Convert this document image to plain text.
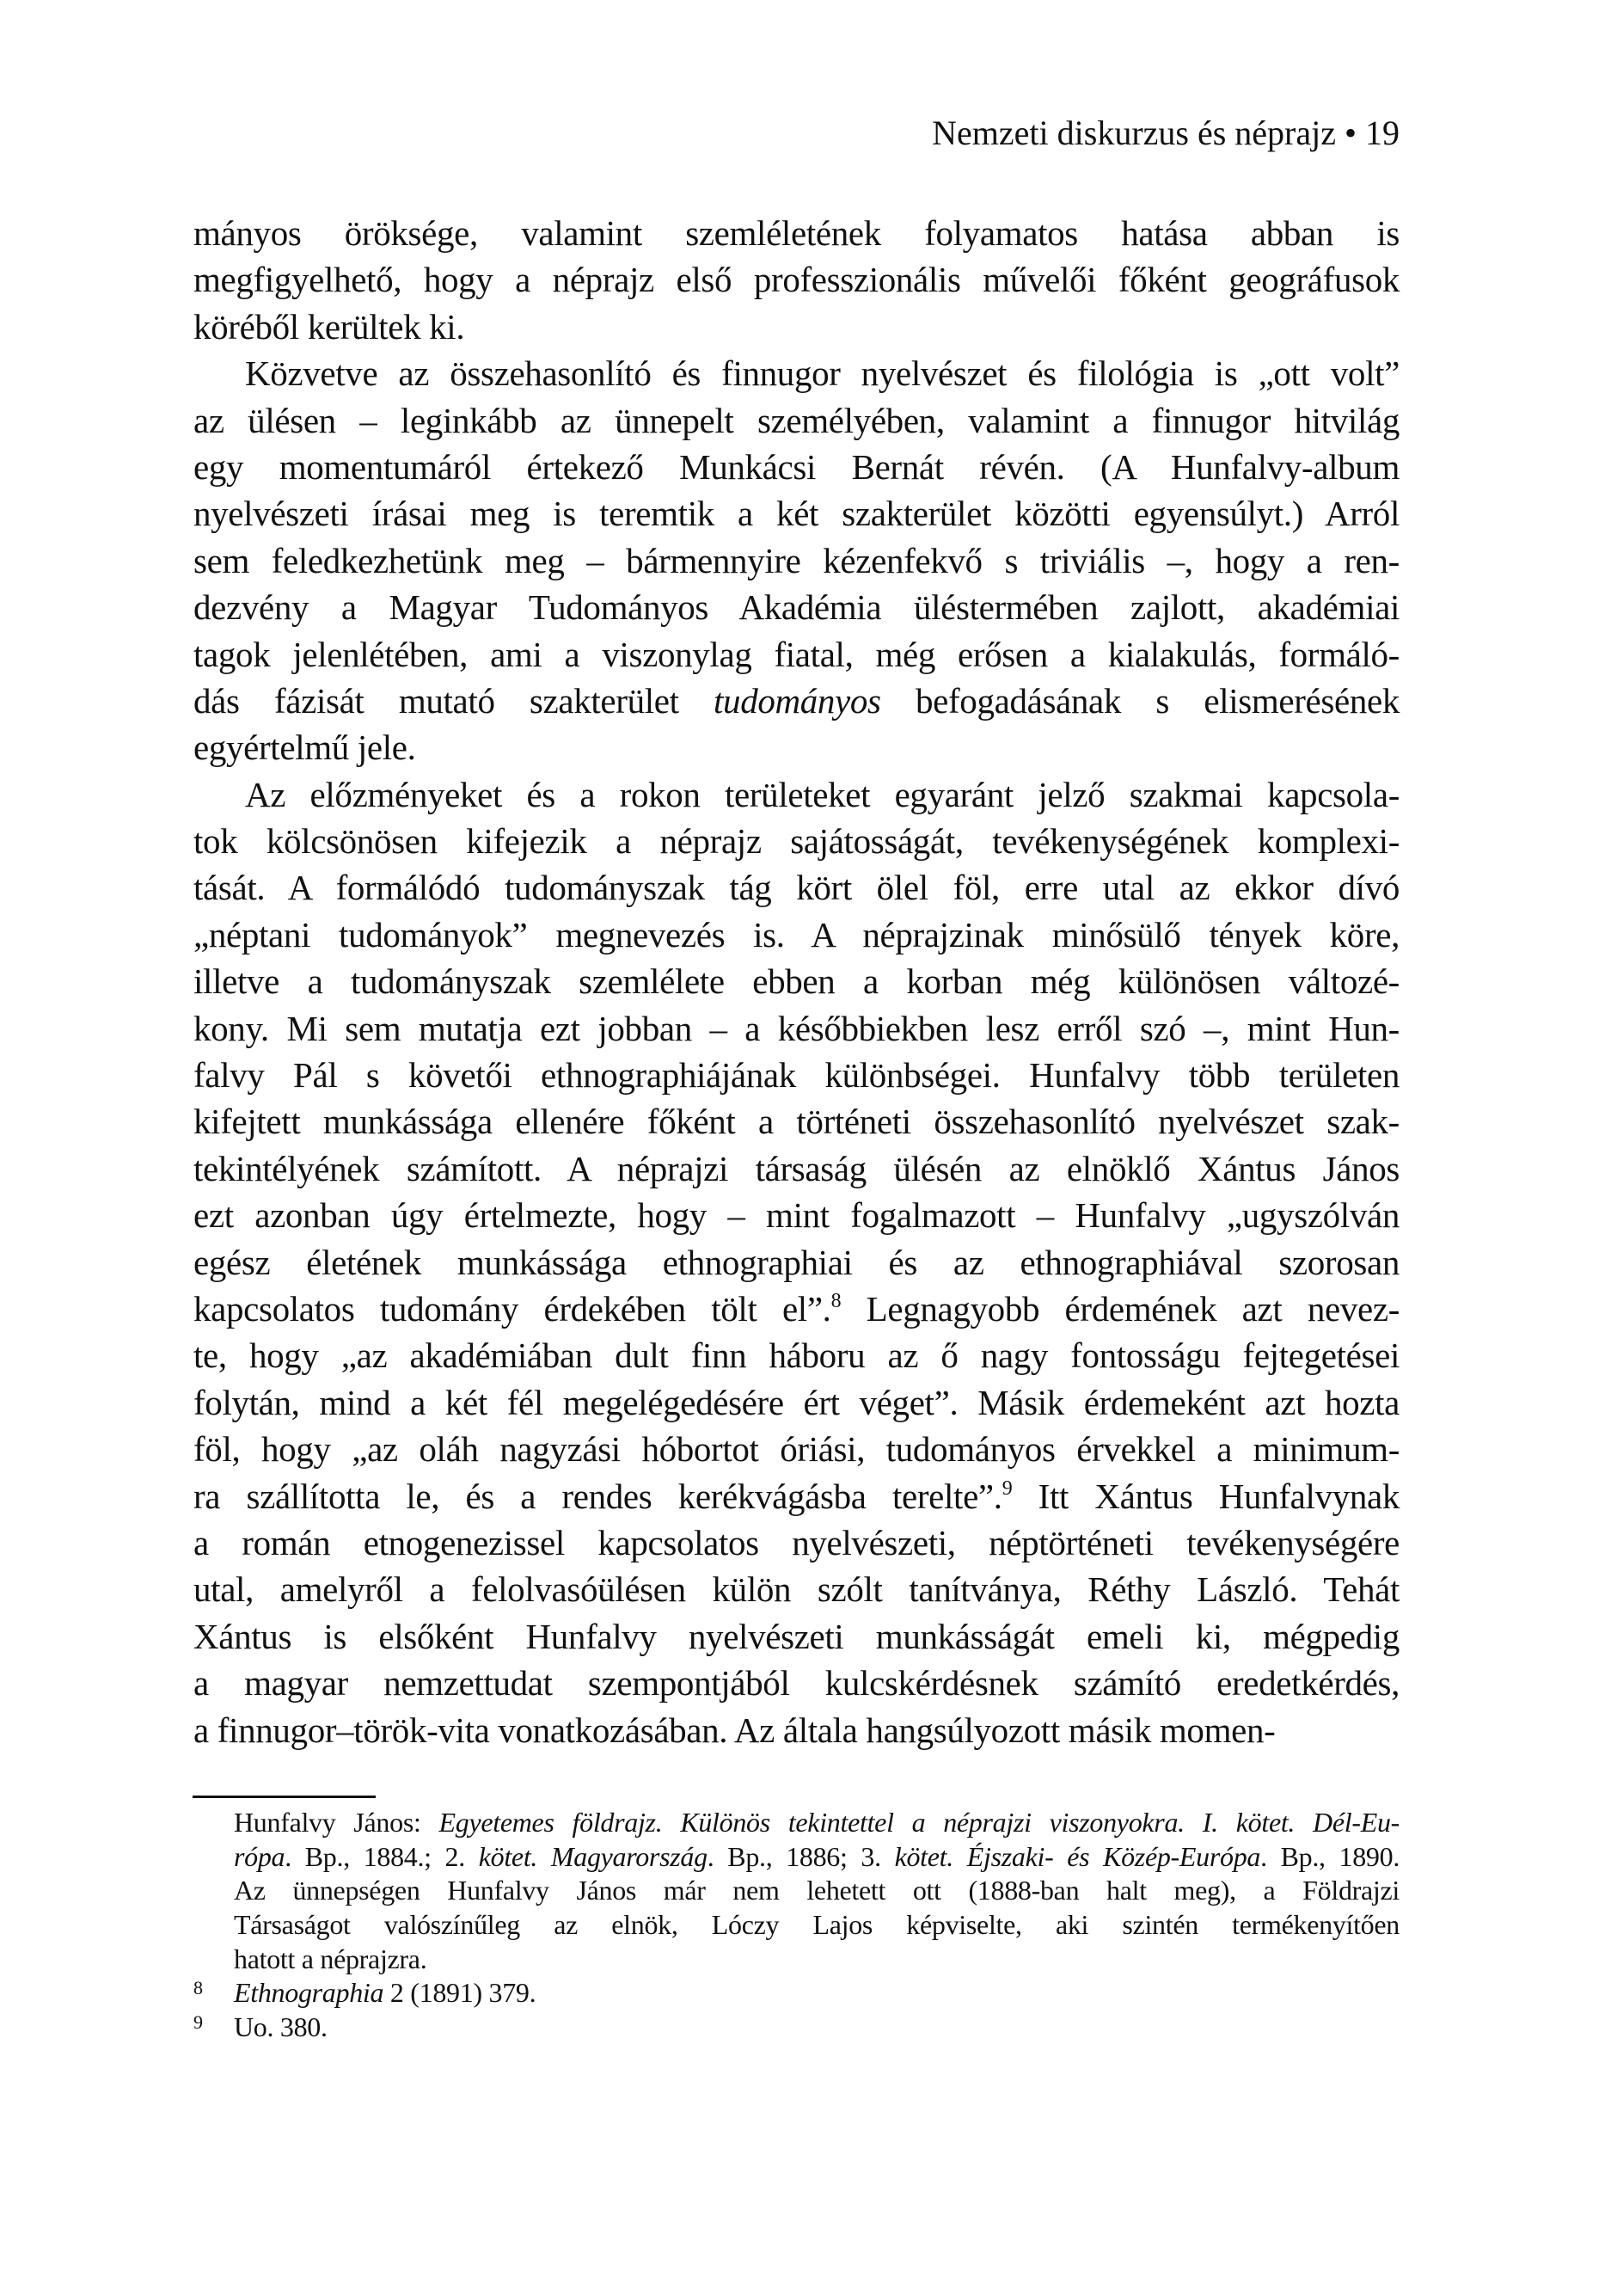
Nemzeti diskurzus és néprajz • 19
mányos öröksége, valamint szemléletének folyamatos hatása abban is
megfigyelhető, hogy a néprajz első professzionális művelői főként geográfusok
köréből kerültek ki.
Közvetve az összehasonlító és finnugor nyelvészet és filológia is „ott volt”
az ülésen – leginkább az ünnepelt személyében, valamint a finnugor hitvilág
egy momentumáról értekező Munkácsi Bernát révén. (A Hunfalvy-album
nyelvészeti írásai meg is teremtik a két szakterület közötti egyensúlyt.) Arról
sem feledkezhetünk meg – bármennyire kézenfekvő s triviális –, hogy a ren-
dezvény a Magyar Tudományos Akadémia üléstermében zajlott, akadémiai
tagok jelenlétében, ami a viszonylag fiatal, még erősen a kialakulás, formáló-
dás fázisát mutató szakterület tudományos befogadásának s elismerésének
egyértelmű jele.
Az előzményeket és a rokon területeket egyaránt jelző szakmai kapcsola-
tok kölcsönösen kifejezik a néprajz sajátosságát, tevékenységének komplexi-
tását. A formálódó tudományszak tág kört ölel föl, erre utal az ekkor dívó
„néptani tudományok” megnevezés is. A néprajzinak minősülő tények köre,
illetve a tudományszak szemlélete ebben a korban még különösen változé-
kony. Mi sem mutatja ezt jobban – a későbbiekben lesz erről szó –, mint Hun-
falvy Pál s követői ethnographiájának különbségei. Hunfalvy több területen
kifejtett munkássága ellenére főként a történeti összehasonlító nyelvészet szak-
tekintélyének számított. A néprajzi társaság ülésén az elnöklő Xántus János
ezt azonban úgy értelmezte, hogy – mint fogalmazott – Hunfalvy „ugyszólván
egész életének munkássága ethnographiai és az ethnographiával szorosan
kapcsolatos tudomány érdekében tölt el”.$^8$ Legnagyobb érdemének azt nevez-
te, hogy „az akadémiában dult finn háboru az ő nagy fontosságu fejtegetései
folytán, mind a két fél megelégedésére ért véget”. Másik érdemeként azt hozta
föl, hogy „az oláh nagyzási hóbortot óriási, tudományos érvekkel a minimum-
ra szállította le, és a rendes kerékvágásba terelte”.$^9$ Itt Xántus Hunfalvynak
a román etnogenezissel kapcsolatos nyelvészeti, néptörténeti tevékenységére
utal, amelyről a felolvasóülésen külön szólt tanítványa, Réthy László. Tehát
Xántus is elsőként Hunfalvy nyelvészeti munkásságát emeli ki, mégpedig
a magyar nemzettudat szempontjából kulcskérdésnek számító eredetkérdés,
a finnugor–török-vita vonatkozásában. Az általa hangsúlyozott másik momen-
Hunfalvy János: Egyetemes földrajz. Különös tekintettel a néprajzi viszonyokra. I. kötet. Dél-Eu-
rópa. Bp., 1884.; 2. kötet. Magyarország. Bp., 1886; 3. kötet. Éjszaki- és Közép-Európa. Bp., 1890.
Az ünnepségen Hunfalvy János már nem lehetett ott (1888-ban halt meg), a Földrajzi
Társaságot valószínűleg az elnök, Lóczy Lajos képviselte, aki szintén termékenyítően
hatott a néprajzra.
8 Ethnographia 2 (1891) 379.
9 Uo. 380.
